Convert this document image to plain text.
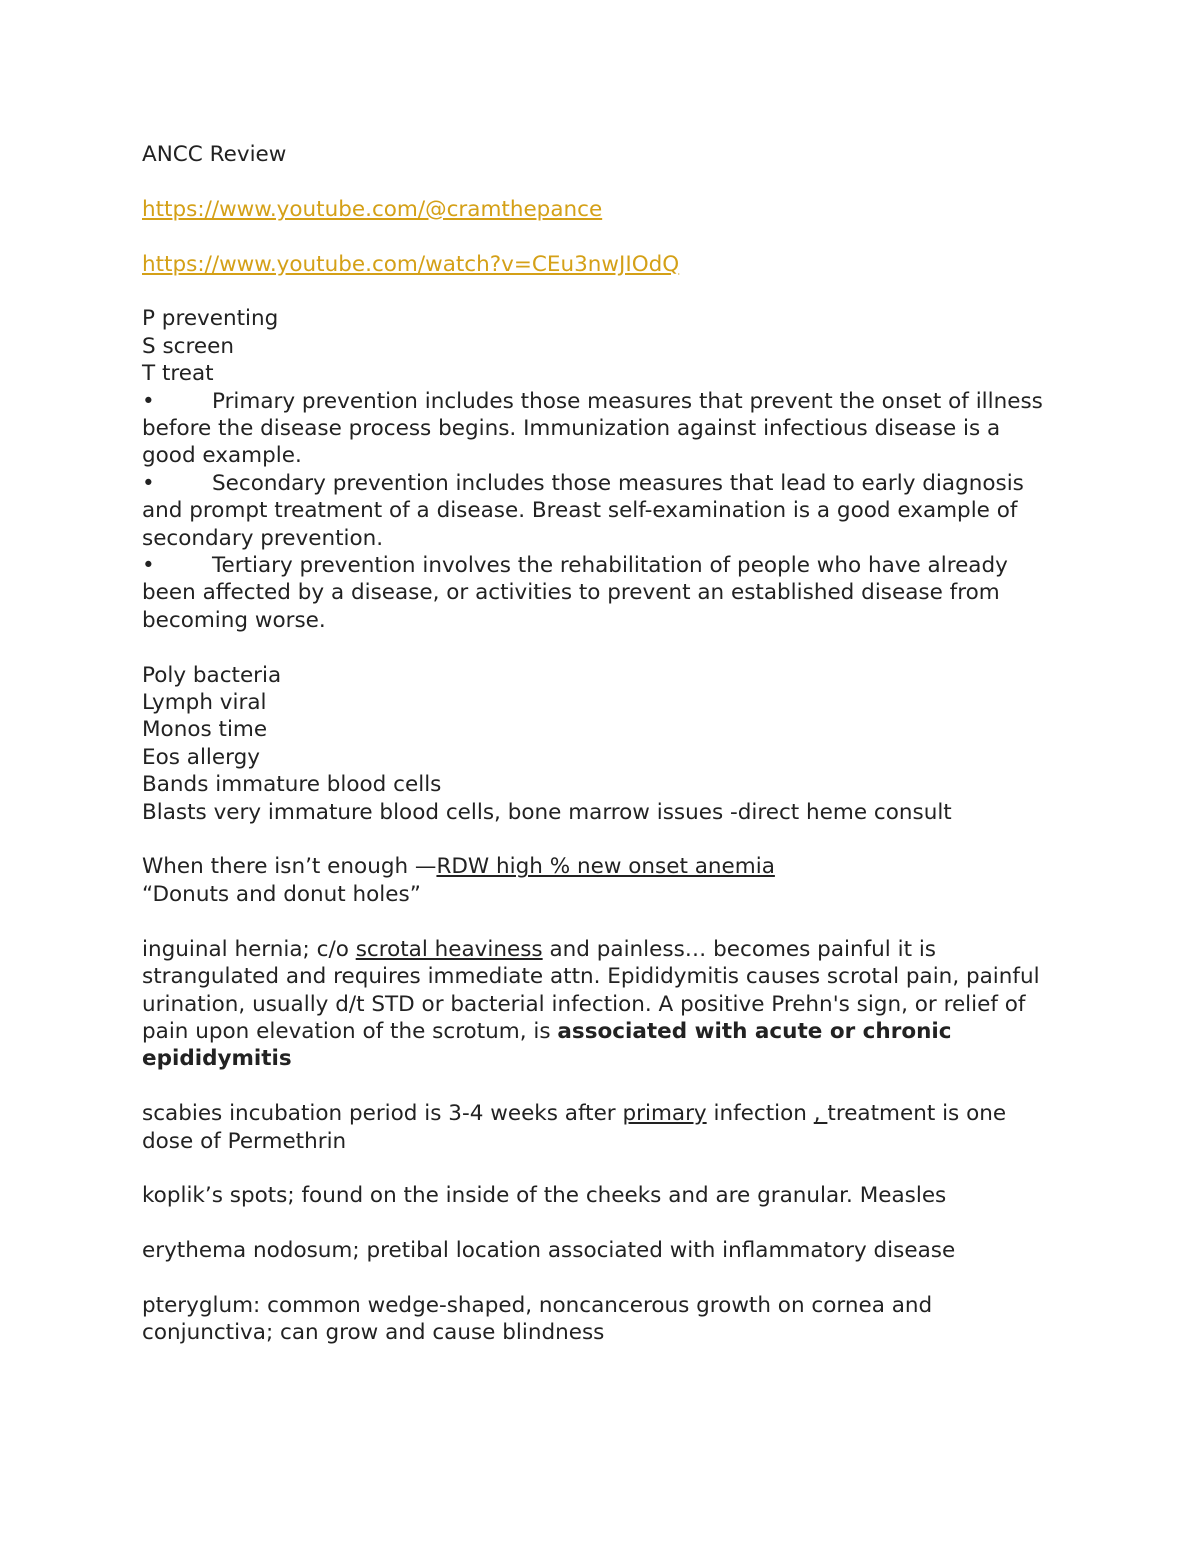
ANCC Review

https://www.youtube.com/@cramthepance

https://www.youtube.com/watch?v=CEu3nwJIOdQ

P preventing

S screen

T treat

•	Primary prevention includes those measures that prevent the onset of illness before the disease process begins. Immunization against infectious disease is a good example.

•	Secondary prevention includes those measures that lead to early diagnosis and prompt treatment of a disease. Breast self-examination is a good example of secondary prevention.

•	Tertiary prevention involves the rehabilitation of people who have already been affected by a disease, or activities to prevent an established disease from becoming worse.

Poly bacteria

Lymph viral

Monos time

Eos allergy

Bands immature blood cells

Blasts very immature blood cells, bone marrow issues -direct heme consult

When there isn’t enough —RDW high % new onset anemia

“Donuts and donut holes”

inguinal hernia; c/o scrotal heaviness and painless… becomes painful it is strangulated and requires immediate attn. Epididymitis causes scrotal pain, painful urination, usually d/t STD or bacterial infection. A positive Prehn's sign, or relief of pain upon elevation of the scrotum, is associated with acute or chronic epididymitis

scabies incubation period is 3-4 weeks after primary infection , treatment is one dose of Permethrin

koplik’s spots; found on the inside of the cheeks and are granular. Measles

erythema nodosum; pretibal location associated with inflammatory disease

pteryglum: common wedge-shaped, noncancerous growth on cornea and conjunctiva; can grow and cause blindness
